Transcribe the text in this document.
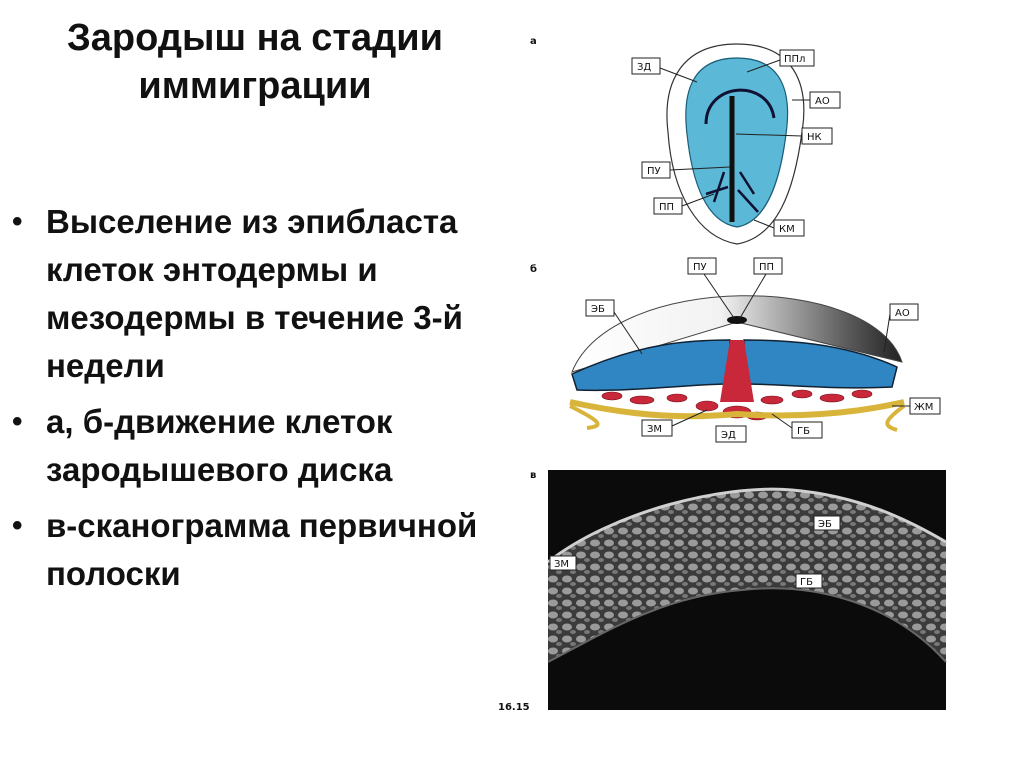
Зародыш на стадии
иммиграции
• Выселение из эпибласта клеток энтодермы и мезодермы в течение 3-й недели
• а, б-движение клеток зародышевого диска
• в-сканограмма первичной полоски
а
ЗД
ППл
АО
НК
ПУ
ПП
КМ
б	ПУ	ПП
ЭБ	АО
ЖМ
ЗМ
ЭД	ГБ
в
ЭБ
ЗМ
ГБ
16.15
